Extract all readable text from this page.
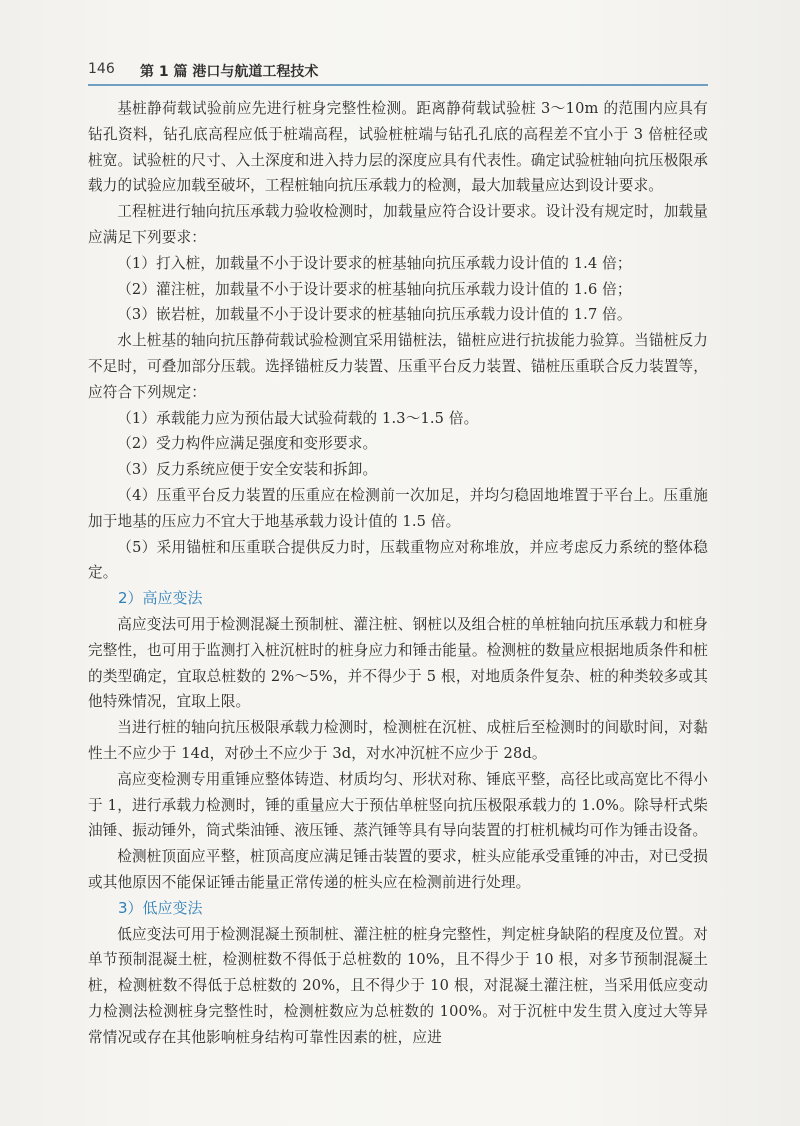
146 第 1 篇 港口与航道工程技术

基桩静荷载试验前应先进行桩身完整性检测。距离静荷载试验桩 3～10m 的范围内应具有钻孔资料，钻孔底高程应低于桩端高程，试验桩桩端与钻孔孔底的高程差不宜小于 3 倍桩径或桩宽。试验桩的尺寸、入土深度和进入持力层的深度应具有代表性。确定试验桩轴向抗压极限承载力的试验应加载至破坏，工程桩轴向抗压承载力的检测，最大加载量应达到设计要求。

工程桩进行轴向抗压承载力验收检测时，加载量应符合设计要求。设计没有规定时，加载量应满足下列要求：

（1）打入桩，加载量不小于设计要求的桩基轴向抗压承载力设计值的 1.4 倍；

（2）灌注桩，加载量不小于设计要求的桩基轴向抗压承载力设计值的 1.6 倍；

（3）嵌岩桩，加载量不小于设计要求的桩基轴向抗压承载力设计值的 1.7 倍。

水上桩基的轴向抗压静荷载试验检测宜采用锚桩法，锚桩应进行抗拔能力验算。当锚桩反力不足时，可叠加部分压载。选择锚桩反力装置、压重平台反力装置、锚桩压重联合反力装置等，应符合下列规定：

（1）承载能力应为预估最大试验荷载的 1.3～1.5 倍。

（2）受力构件应满足强度和变形要求。

（3）反力系统应便于安全安装和拆卸。

（4）压重平台反力装置的压重应在检测前一次加足，并均匀稳固地堆置于平台上。压重施加于地基的压应力不宜大于地基承载力设计值的 1.5 倍。

（5）采用锚桩和压重联合提供反力时，压载重物应对称堆放，并应考虑反力系统的整体稳定。

2）高应变法

高应变法可用于检测混凝土预制桩、灌注桩、钢桩以及组合桩的单桩轴向抗压承载力和桩身完整性，也可用于监测打入桩沉桩时的桩身应力和锤击能量。检测桩的数量应根据地质条件和桩的类型确定，宜取总桩数的 2%～5%，并不得少于 5 根，对地质条件复杂、桩的种类较多或其他特殊情况，宜取上限。

当进行桩的轴向抗压极限承载力检测时，检测桩在沉桩、成桩后至检测时的间歇时间，对黏性土不应少于 14d，对砂土不应少于 3d，对水冲沉桩不应少于 28d。

高应变检测专用重锤应整体铸造、材质均匀、形状对称、锤底平整，高径比或高宽比不得小于 1，进行承载力检测时，锤的重量应大于预估单桩竖向抗压极限承载力的 1.0%。除导杆式柴油锤、振动锤外，筒式柴油锤、液压锤、蒸汽锤等具有导向装置的打桩机械均可作为锤击设备。

检测桩顶面应平整，桩顶高度应满足锤击装置的要求，桩头应能承受重锤的冲击，对已受损或其他原因不能保证锤击能量正常传递的桩头应在检测前进行处理。

3）低应变法

低应变法可用于检测混凝土预制桩、灌注桩的桩身完整性，判定桩身缺陷的程度及位置。对单节预制混凝土桩，检测桩数不得低于总桩数的 10%，且不得少于 10 根，对多节预制混凝土桩，检测桩数不得低于总桩数的 20%，且不得少于 10 根，对混凝土灌注桩，当采用低应变动力检测法检测桩身完整性时，检测桩数应为总桩数的 100%。对于沉桩中发生贯入度过大等异常情况或存在其他影响桩身结构可靠性因素的桩，应进
